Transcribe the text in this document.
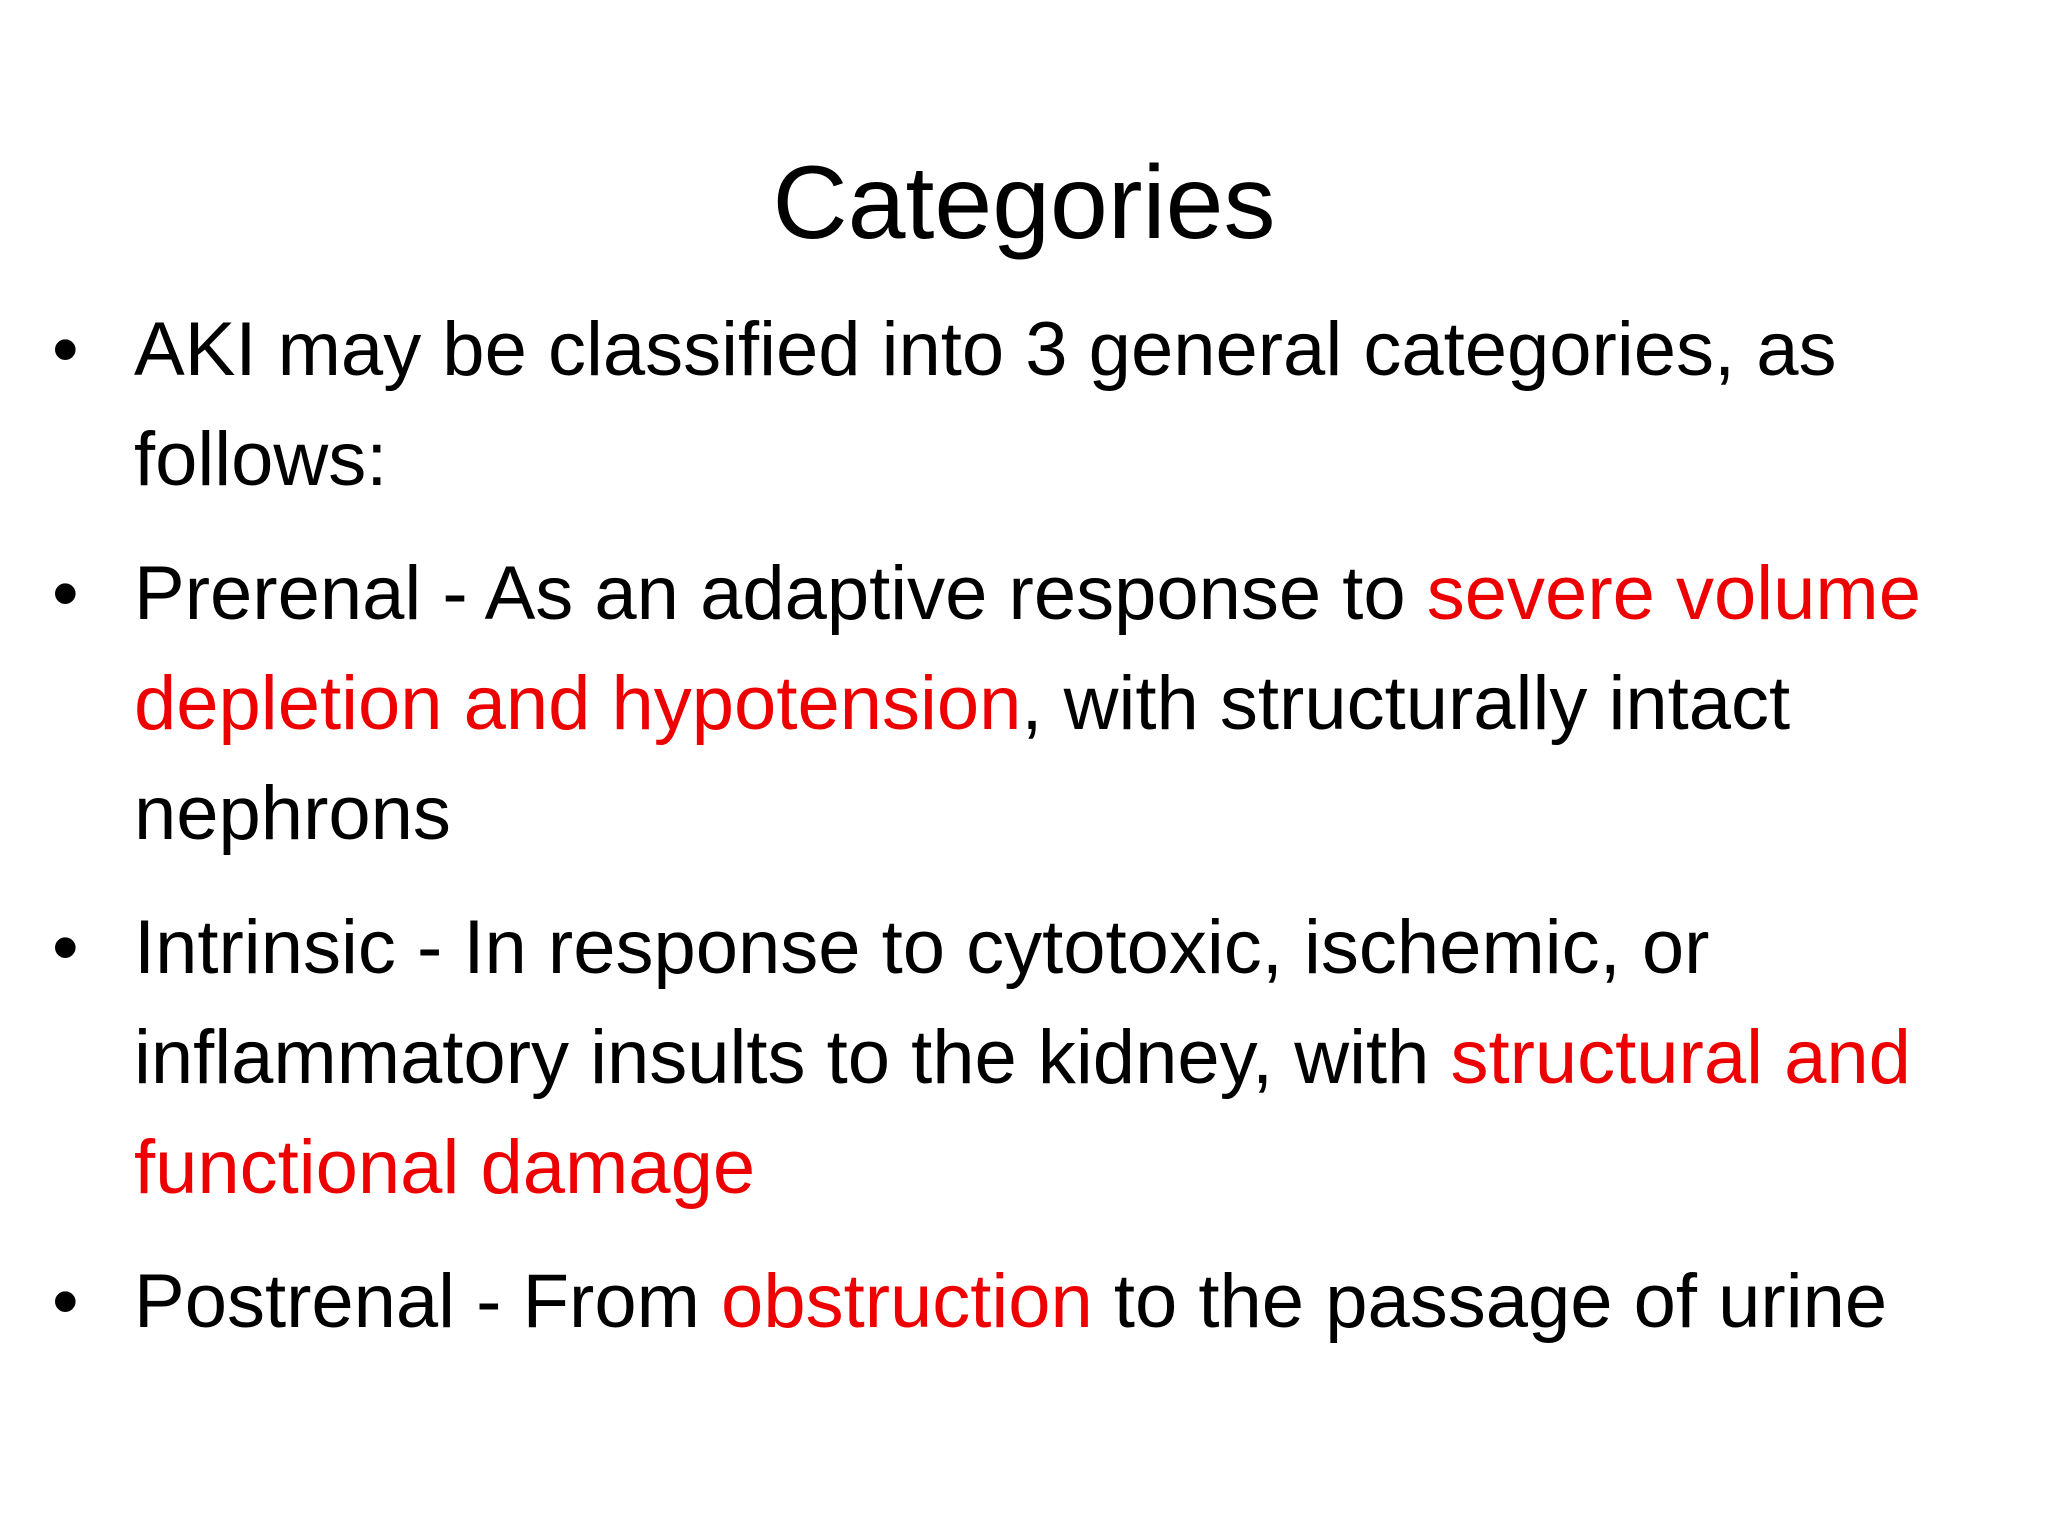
Categories
• AKI may be classified into 3 general categories, as follows:
• Prerenal - As an adaptive response to severe volume depletion and hypotension, with structurally intact nephrons
• Intrinsic - In response to cytotoxic, ischemic, or inflammatory insults to the kidney, with structural and functional damage
• Postrenal - From obstruction to the passage of urine
